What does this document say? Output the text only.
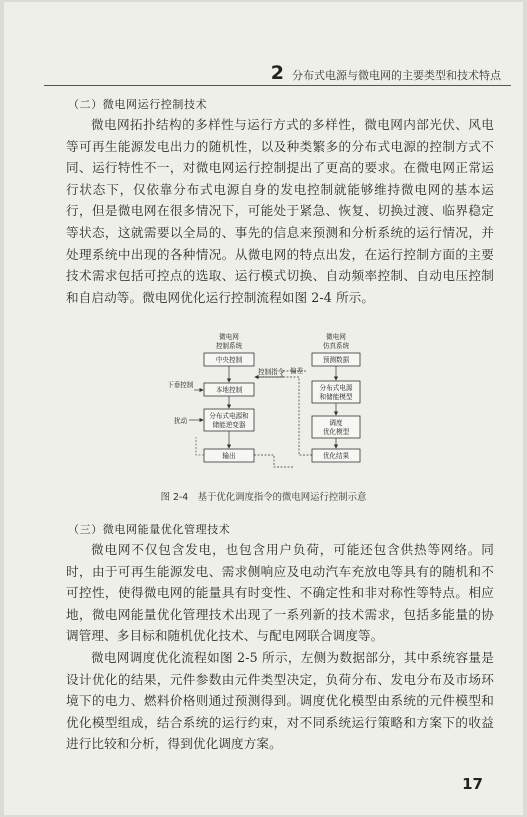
2 分布式电源与微电网的主要类型和技术特点
（二）微电网运行控制技术

微电网拓扑结构的多样性与运行方式的多样性，微电网内部光伏、风电等可再生能源发电出力的随机性，以及种类繁多的分布式电源的控制方式不同、运行特性不一，对微电网运行控制提出了更高的要求。在微电网正常运行状态下，仅依靠分布式电源自身的发电控制就能够维持微电网的基本运行，但是微电网在很多情况下，可能处于紧急、恢复、切换过渡、临界稳定等状态，这就需要以全局的、事先的信息来预测和分析系统的运行情况，并处理系统中出现的各种情况。从微电网的特点出发，在运行控制方面的主要技术需求包括可控点的选取、运行模式切换、自动频率控制、自动电压控制和自启动等。微电网优化运行控制流程如图 2-4 所示。

微电网
控制系统
微电网
仿真系统
中央控制
本地控制
分布式电源和
储能逆变器
输出
预测数据
分布式电源
和储能模型
调度
优化模型
优化结果
控制指令 偏差
下垂控制
扰动
图 2-4　基于优化调度指令的微电网运行控制示意
（三）微电网能量优化管理技术

微电网不仅包含发电，也包含用户负荷，可能还包含供热等网络。同时，由于可再生能源发电、需求侧响应及电动汽车充放电等具有的随机和不可控性，使得微电网的能量具有时变性、不确定性和非对称性等特点。相应地，微电网能量优化管理技术出现了一系列新的技术需求，包括多能量的协调管理、多目标和随机优化技术、与配电网联合调度等。

微电网调度优化流程如图 2-5 所示，左侧为数据部分，其中系统容量是设计优化的结果，元件参数由元件类型决定，负荷分布、发电分布及市场环境下的电力、燃料价格则通过预测得到。调度优化模型由系统的元件模型和优化模型组成，结合系统的运行约束，对不同系统运行策略和方案下的收益进行比较和分析，得到优化调度方案。

17
